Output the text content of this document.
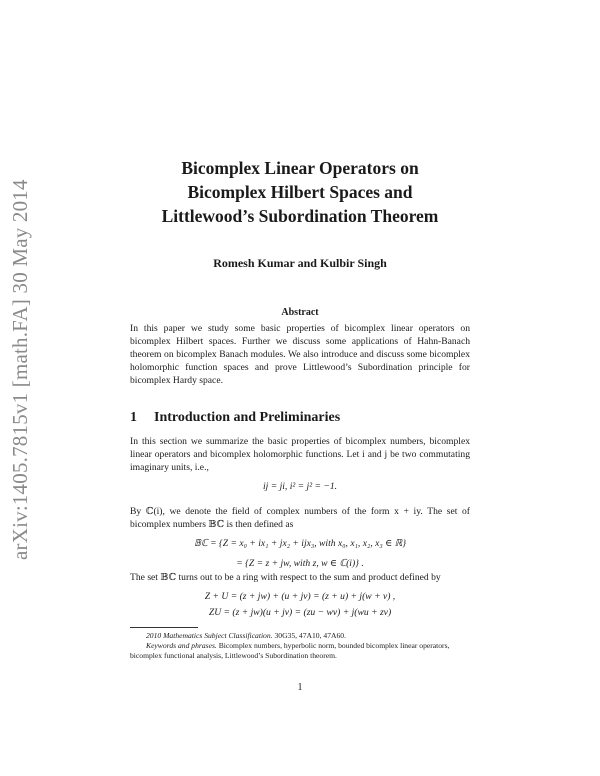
arXiv:1405.7815v1 [math.FA] 30 May 2014
Bicomplex Linear Operators on
Bicomplex Hilbert Spaces and
Littlewood’s Subordination Theorem
Romesh Kumar and Kulbir Singh
Abstract
In this paper we study some basic properties of bicomplex linear operators on bicomplex Hilbert spaces. Further we discuss some applications of Hahn-Banach theorem on bicomplex Banach modules. We also introduce and discuss some bicomplex holomorphic function spaces and prove Littlewood’s Subordination principle for bicomplex Hardy space.
1 Introduction and Preliminaries
In this section we summarize the basic properties of bicomplex numbers, bicomplex linear operators and bicomplex holomorphic functions. Let i and j be two commutating imaginary units, i.e.,
ij = ji, i² = j² = −1.
By ℂ(i), we denote the field of complex numbers of the form x + iy. The set of bicomplex numbers 𝔹ℂ is then defined as
𝔹ℂ = {Z = x₀ + ix₁ + jx₂ + ijx₃, with x₀, x₁, x₂, x₃ ∈ ℝ}
= {Z = z + jw, with z, w ∈ ℂ(i)} .
The set 𝔹ℂ turns out to be a ring with respect to the sum and product defined by
Z + U = (z + jw) + (u + jv) = (z + u) + j(w + v) ,
ZU = (z + jw)(u + jv) = (zu − wv) + j(wu + zv)
2010 Mathematics Subject Classification. 30G35, 47A10, 47A60.
Keywords and phrases. Bicomplex numbers, hyperbolic norm, bounded bicomplex linear operators, bicomplex functional analysis, Littlewood’s Subordination theorem.
1
